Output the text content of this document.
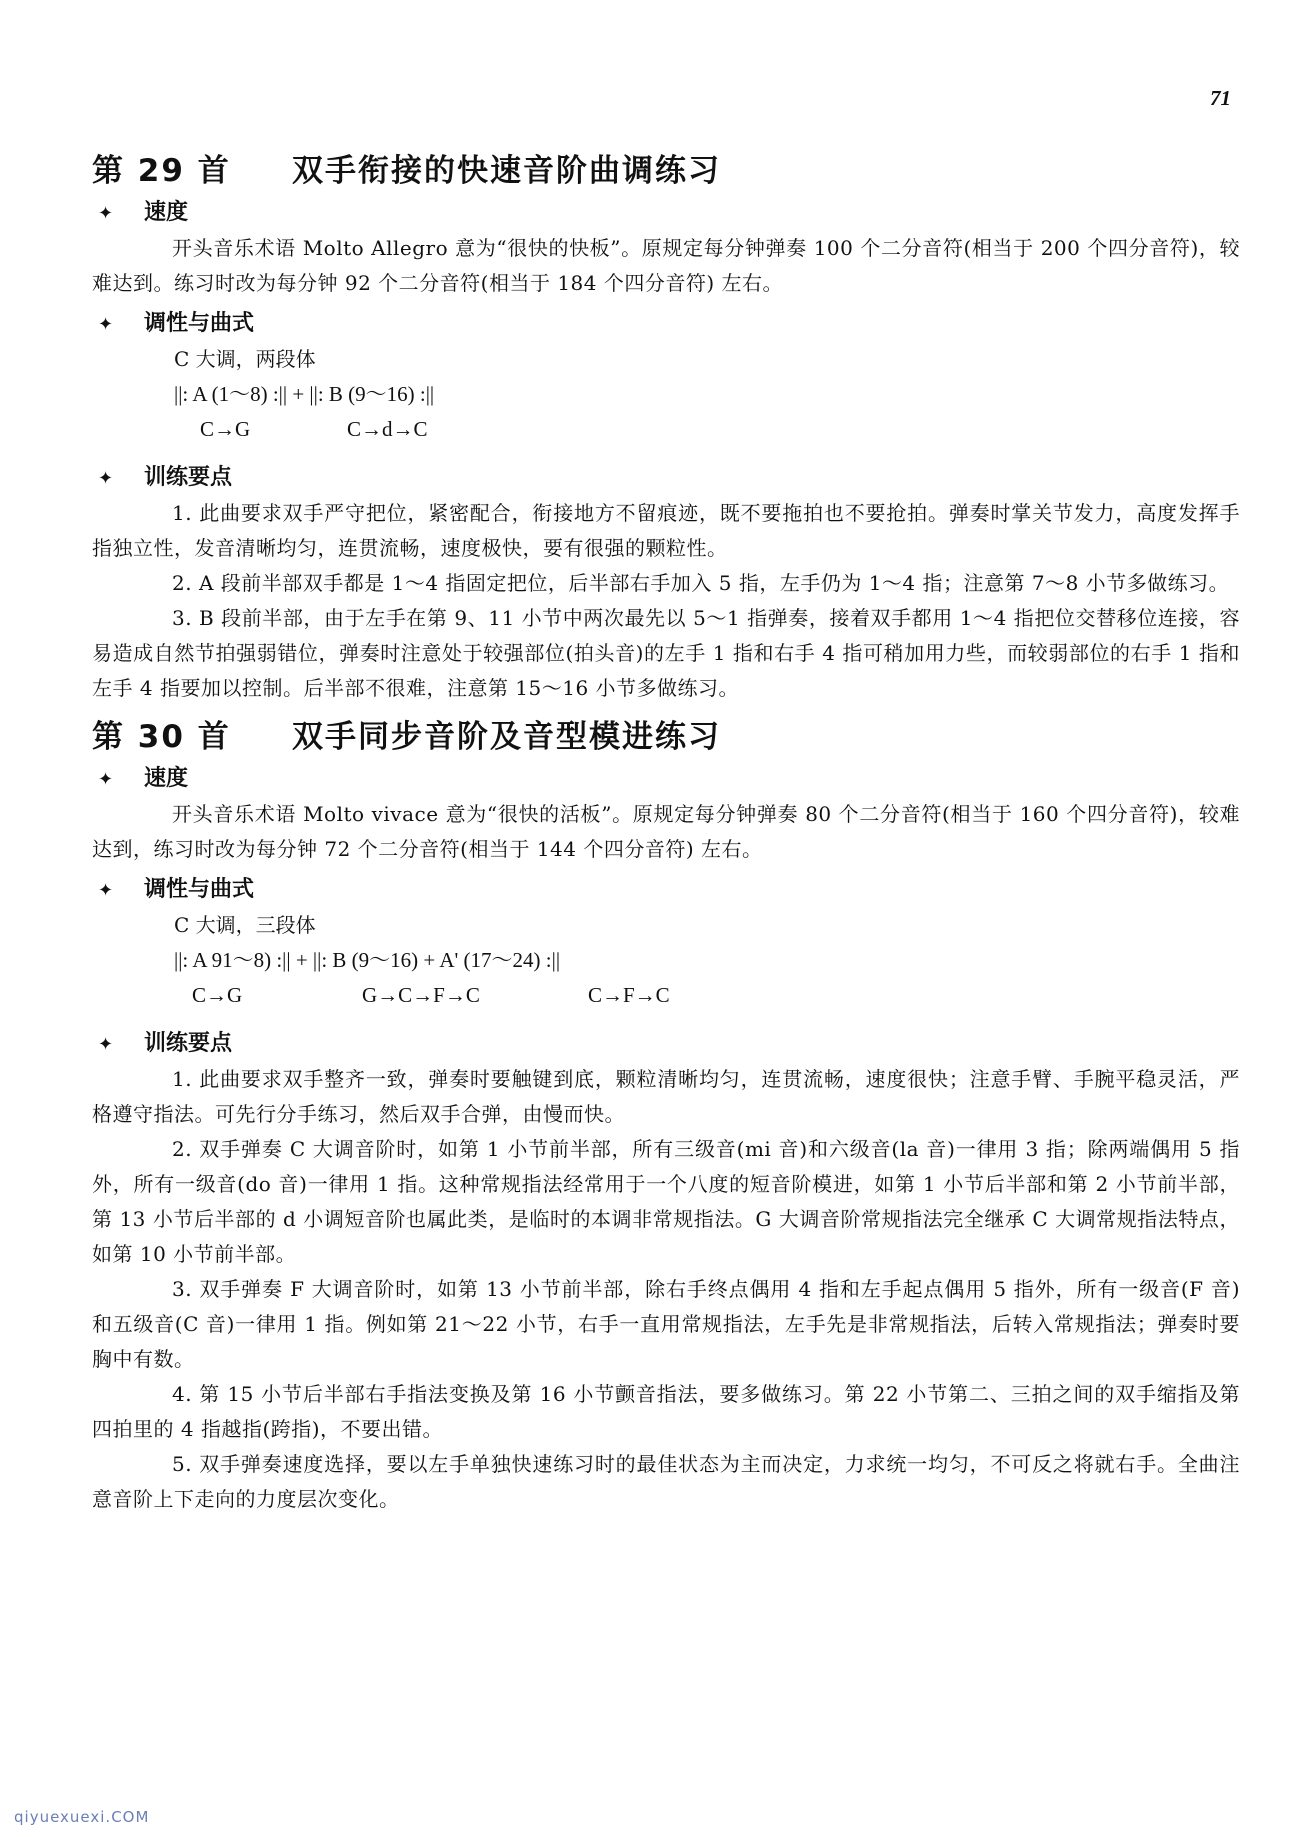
71
第 29 首 双手衔接的快速音阶曲调练习

✦ 速度

开头音乐术语 Molto Allegro 意为“很快的快板”。原规定每分钟弹奏 100 个二分音符(相当于 200 个四分音符)，较难达到。练习时改为每分钟 92 个二分音符(相当于 184 个四分音符) 左右。

✦ 调性与曲式

C 大调，两段体

||: A (1～8) :|| + ||: B (9～16) :||

C→G	C→d→C

✦ 训练要点

1. 此曲要求双手严守把位，紧密配合，衔接地方不留痕迹，既不要拖拍也不要抢拍。弹奏时掌关节发力，高度发挥手指独立性，发音清晰均匀，连贯流畅，速度极快，要有很强的颗粒性。

2. A 段前半部双手都是 1～4 指固定把位，后半部右手加入 5 指，左手仍为 1～4 指；注意第 7～8 小节多做练习。

3. B 段前半部，由于左手在第 9、11 小节中两次最先以 5～1 指弹奏，接着双手都用 1～4 指把位交替移位连接，容易造成自然节拍强弱错位，弹奏时注意处于较强部位(拍头音)的左手 1 指和右手 4 指可稍加用力些，而较弱部位的右手 1 指和左手 4 指要加以控制。后半部不很难，注意第 15～16 小节多做练习。

第 30 首 双手同步音阶及音型模进练习

✦ 速度

开头音乐术语 Molto vivace 意为“很快的活板”。原规定每分钟弹奏 80 个二分音符(相当于 160 个四分音符)，较难达到，练习时改为每分钟 72 个二分音符(相当于 144 个四分音符) 左右。

✦ 调性与曲式

C 大调，三段体

||: A 91～8) :|| + ||: B (9～16) + A' (17～24) :||

C→G	G→C→F→C	C→F→C

✦ 训练要点

1. 此曲要求双手整齐一致，弹奏时要触键到底，颗粒清晰均匀，连贯流畅，速度很快；注意手臂、手腕平稳灵活，严格遵守指法。可先行分手练习，然后双手合弹，由慢而快。

2. 双手弹奏 C 大调音阶时，如第 1 小节前半部，所有三级音(mi 音)和六级音(la 音)一律用 3 指；除两端偶用 5 指外，所有一级音(do 音)一律用 1 指。这种常规指法经常用于一个八度的短音阶模进，如第 1 小节后半部和第 2 小节前半部，第 13 小节后半部的 d 小调短音阶也属此类，是临时的本调非常规指法。G 大调音阶常规指法完全继承 C 大调常规指法特点，如第 10 小节前半部。

3. 双手弹奏 F 大调音阶时，如第 13 小节前半部，除右手终点偶用 4 指和左手起点偶用 5 指外，所有一级音(F 音)和五级音(C 音)一律用 1 指。例如第 21～22 小节，右手一直用常规指法，左手先是非常规指法，后转入常规指法；弹奏时要胸中有数。

4. 第 15 小节后半部右手指法变换及第 16 小节颤音指法，要多做练习。第 22 小节第二、三拍之间的双手缩指及第四拍里的 4 指越指(跨指)，不要出错。

5. 双手弹奏速度选择，要以左手单独快速练习时的最佳状态为主而决定，力求统一均匀，不可反之将就右手。全曲注意音阶上下走向的力度层次变化。

qiyuexuexi.COM
